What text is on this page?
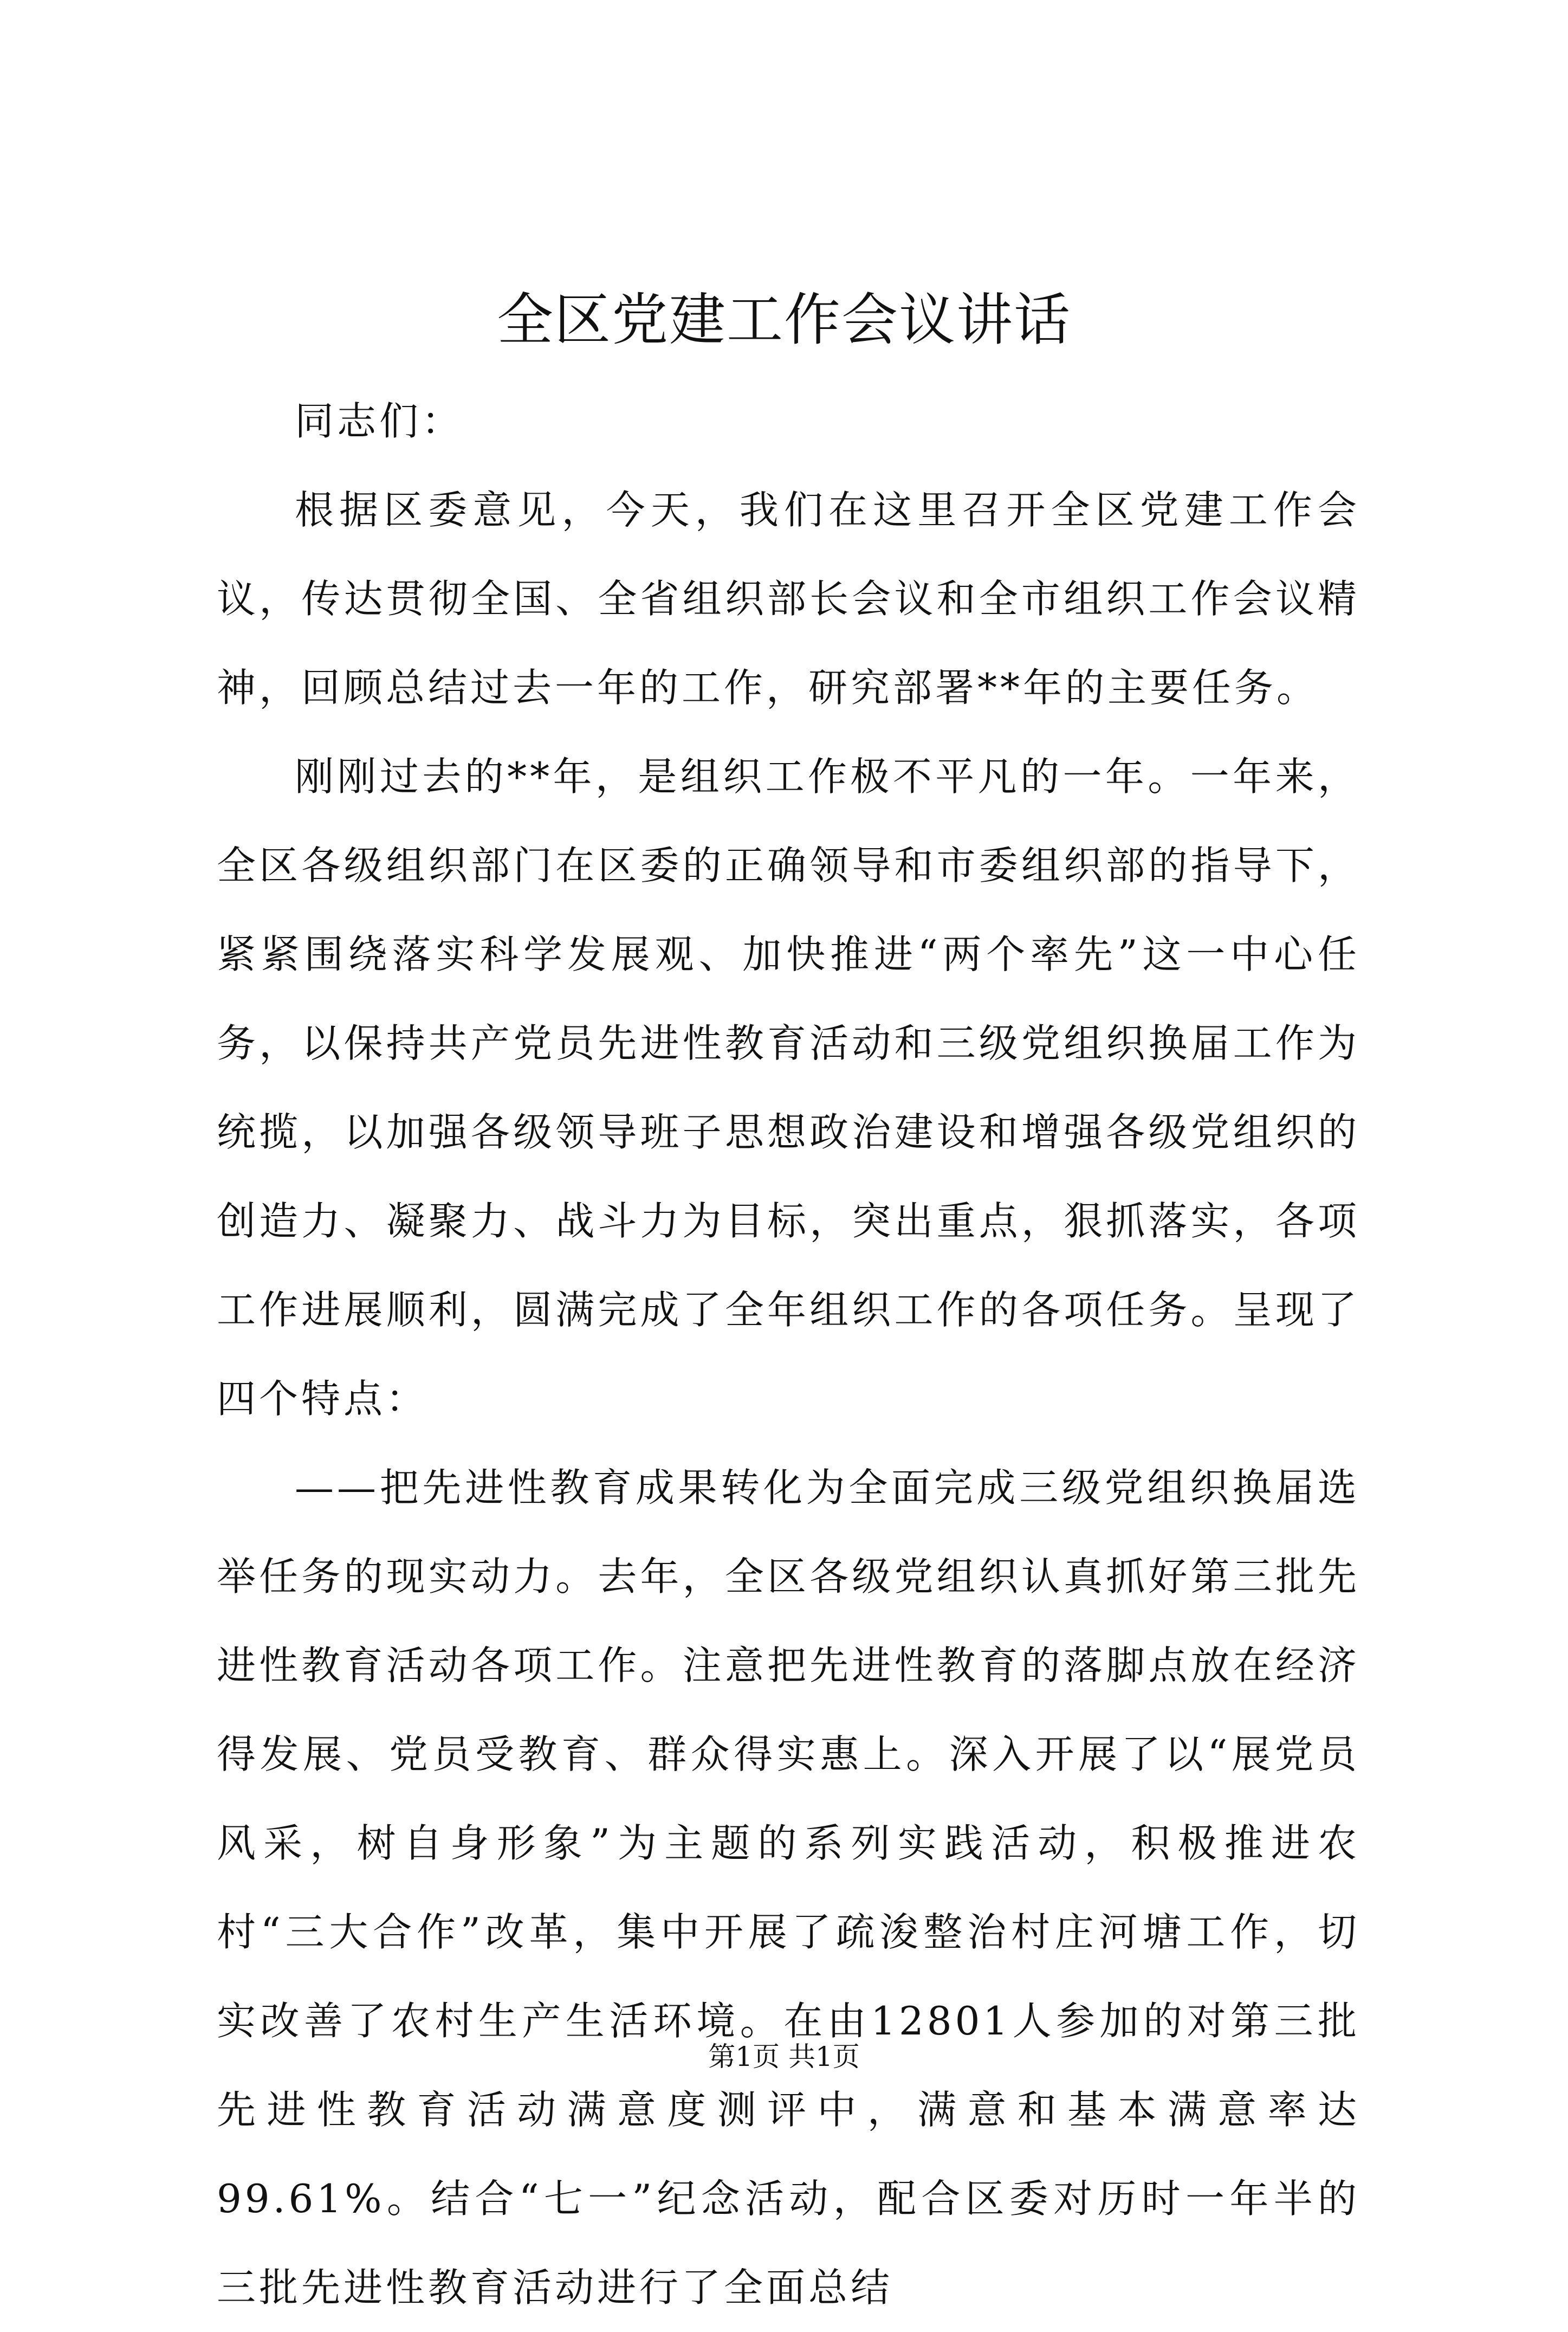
全区党建工作会议讲话

同志们：

根据区委意见，今天，我们在这里召开全区党建工作会议，传达贯彻全国、全省组织部长会议和全市组织工作会议精神，回顾总结过去一年的工作，研究部署**年的主要任务。

刚刚过去的**年，是组织工作极不平凡的一年。一年来，全区各级组织部门在区委的正确领导和市委组织部的指导下，紧紧围绕落实科学发展观、加快推进“两个率先”这一中心任务，以保持共产党员先进性教育活动和三级党组织换届工作为统揽，以加强各级领导班子思想政治建设和增强各级党组织的创造力、凝聚力、战斗力为目标，突出重点，狠抓落实，各项工作进展顺利，圆满完成了全年组织工作的各项任务。呈现了四个特点：

——把先进性教育成果转化为全面完成三级党组织换届选举任务的现实动力。去年，全区各级党组织认真抓好第三批先进性教育活动各项工作。注意把先进性教育的落脚点放在经济得发展、党员受教育、群众得实惠上。深入开展了以“展党员风采，树自身形象”为主题的系列实践活动，积极推进农村“三大合作”改革，集中开展了疏浚整治村庄河塘工作，切实改善了农村生产生活环境。在由12801人参加的对第三批先进性教育活动满意度测评中，满意和基本满意率达99.61%。结合“七一”纪念活动，配合区委对历时一年半的三批先进性教育活动进行了全面总结

第1页 共1页
